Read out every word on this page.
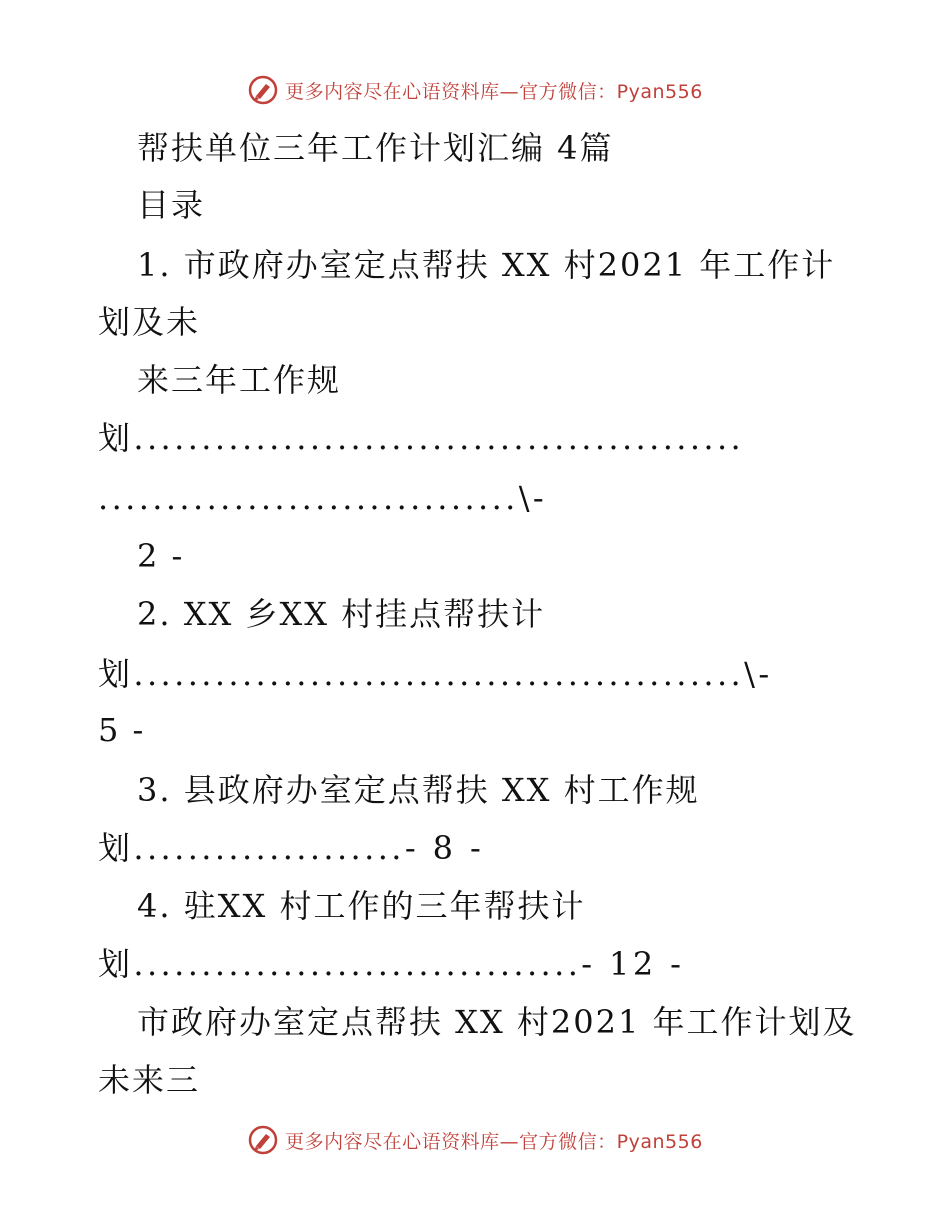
更多内容尽在心语资料库—官方微信：Pyan556
帮扶单位三年工作计划汇编 4篇
目录
1. 市政府办室定点帮扶 XX 村2021 年工作计
划及未
来三年工作规
划.............................................
...............................\-
2 -
2. XX 乡XX 村挂点帮扶计
划.............................................\-
5 -
3. 县政府办室定点帮扶 XX 村工作规
划....................- 8 -
4. 驻XX 村工作的三年帮扶计
划.................................- 12 -
市政府办室定点帮扶 XX 村2021 年工作计划及
未来三
更多内容尽在心语资料库—官方微信：Pyan556
